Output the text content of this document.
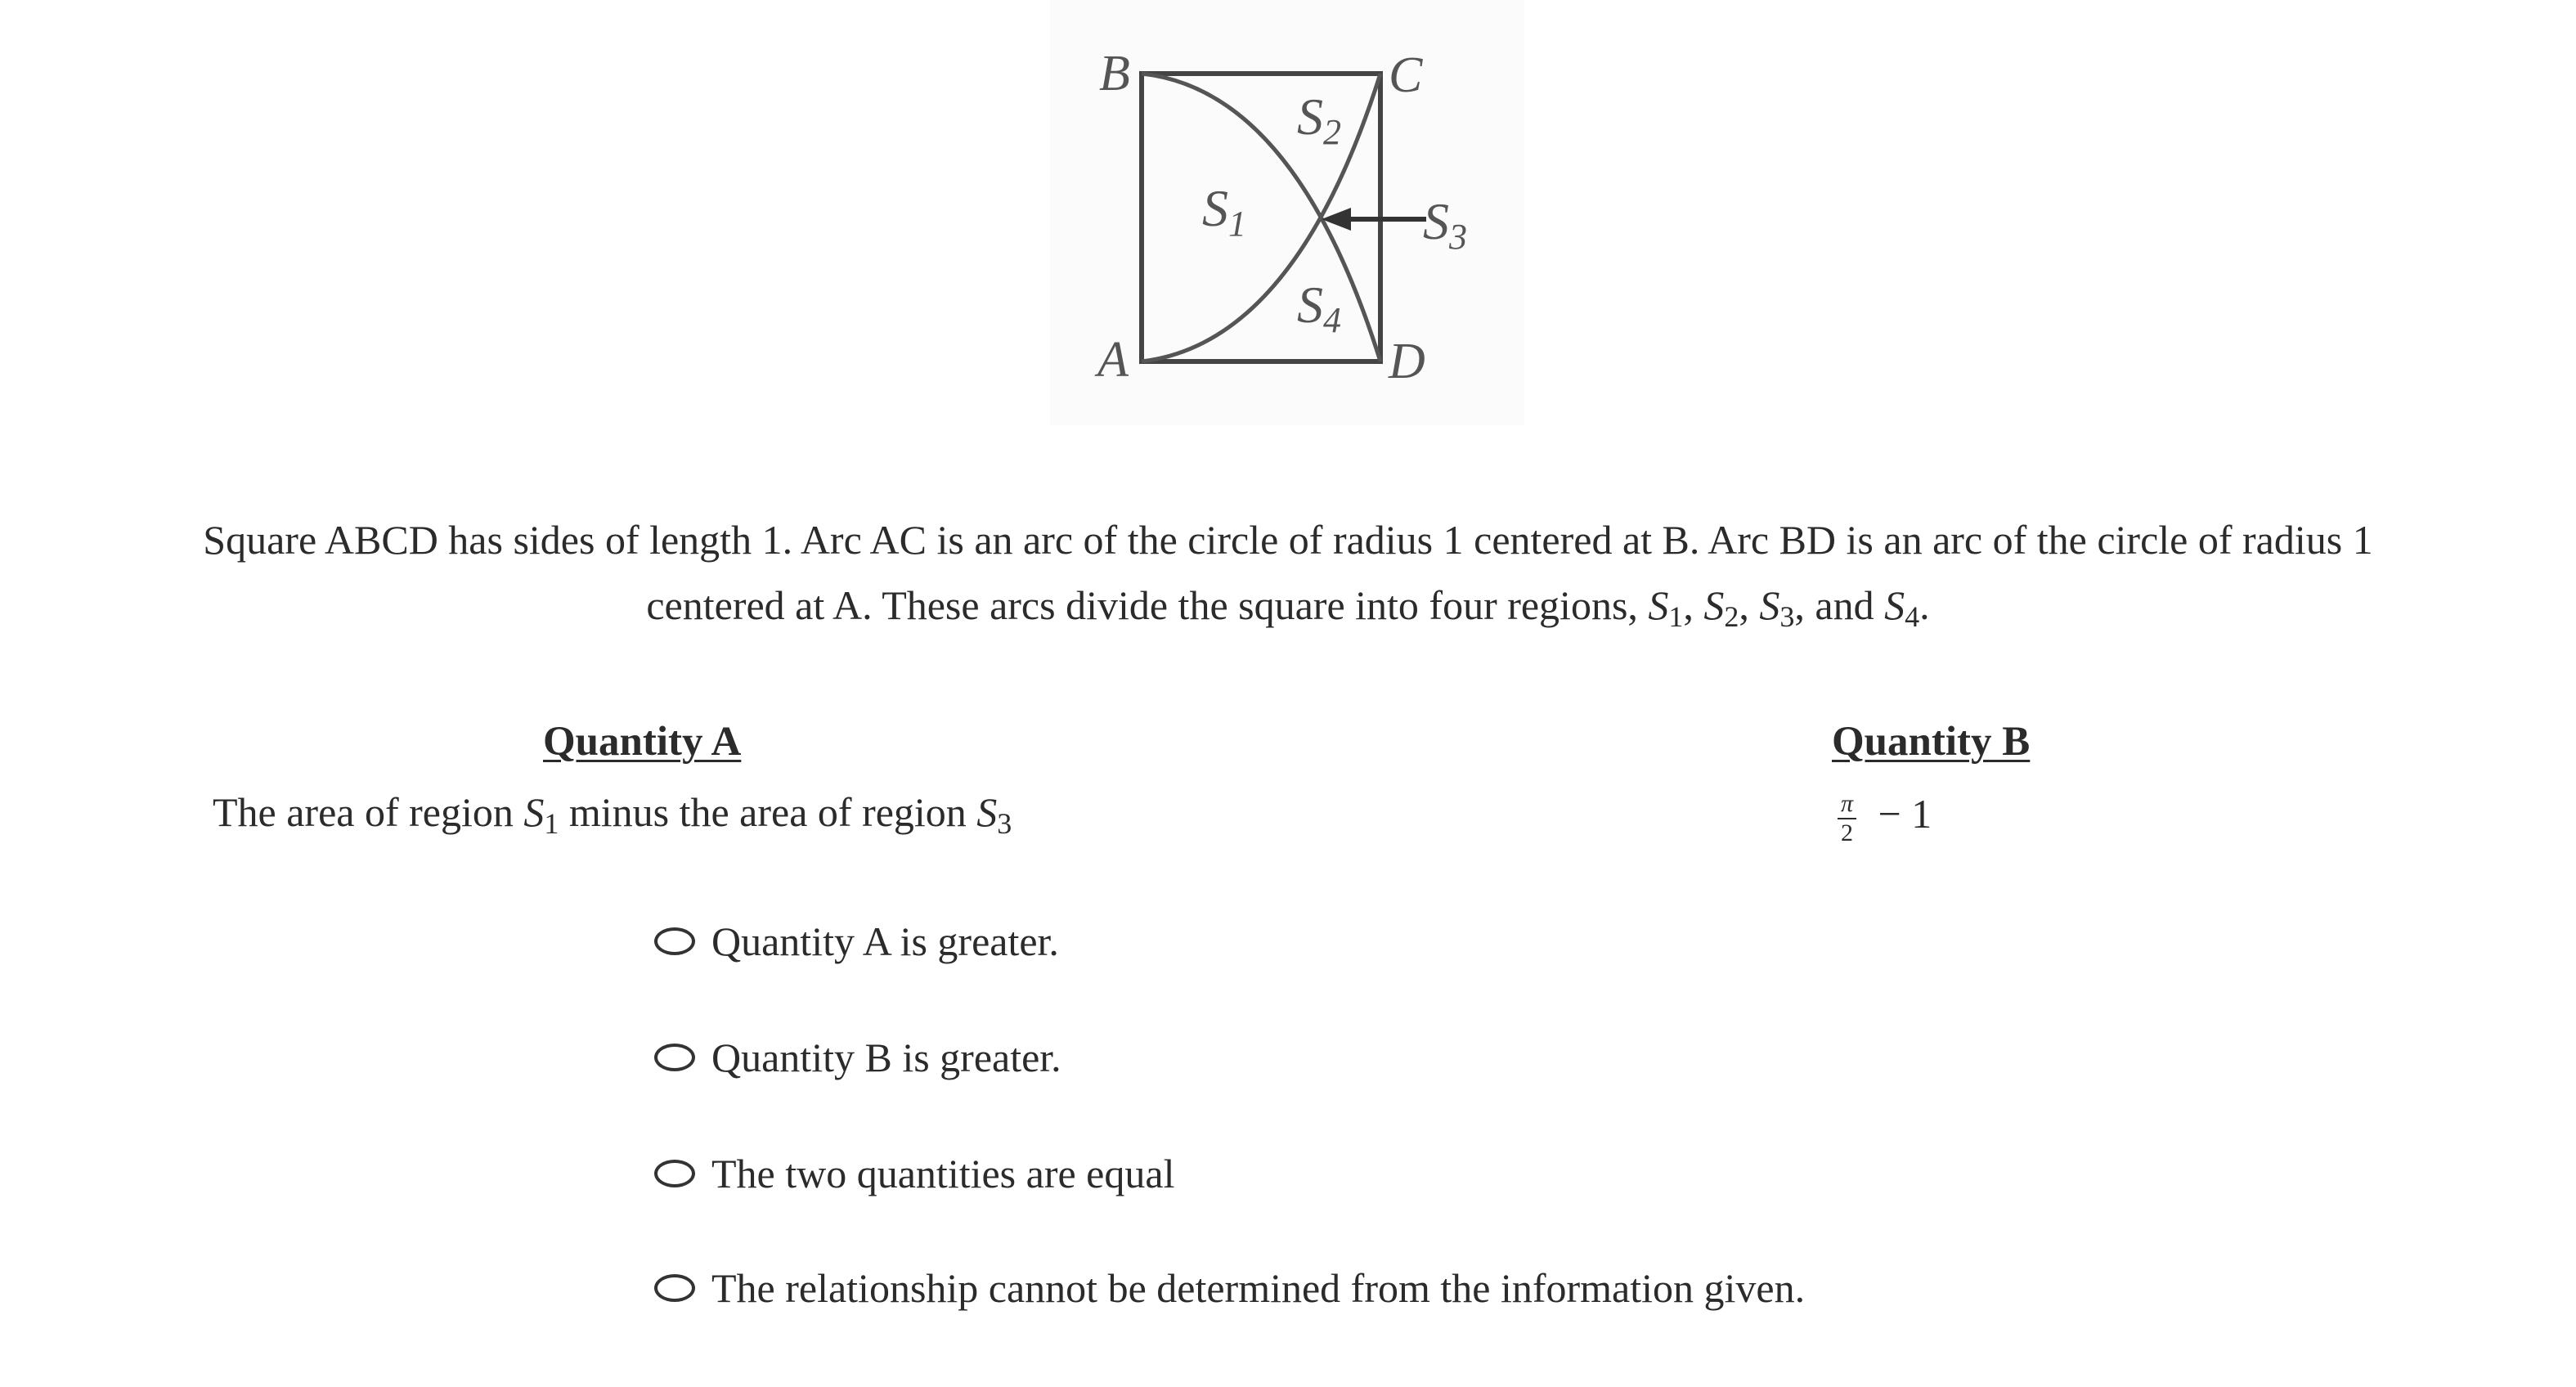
B	C
A	D
S1
S2
S3
S4
Square ABCD has sides of length 1. Arc AC is an arc of the circle of radius 1 centered at B. Arc BD is an arc of the circle of radius 1
centered at A. These arcs divide the square into four regions, $S_1$, $S_2$, $S_3$, and $S_4$.
Quantity A	Quantity B
The area of region $S_1$ minus the area of region $S_3$	$\frac{\pi}{2} - 1$
Quantity A is greater.
Quantity B is greater.
The two quantities are equal
The relationship cannot be determined from the information given.
